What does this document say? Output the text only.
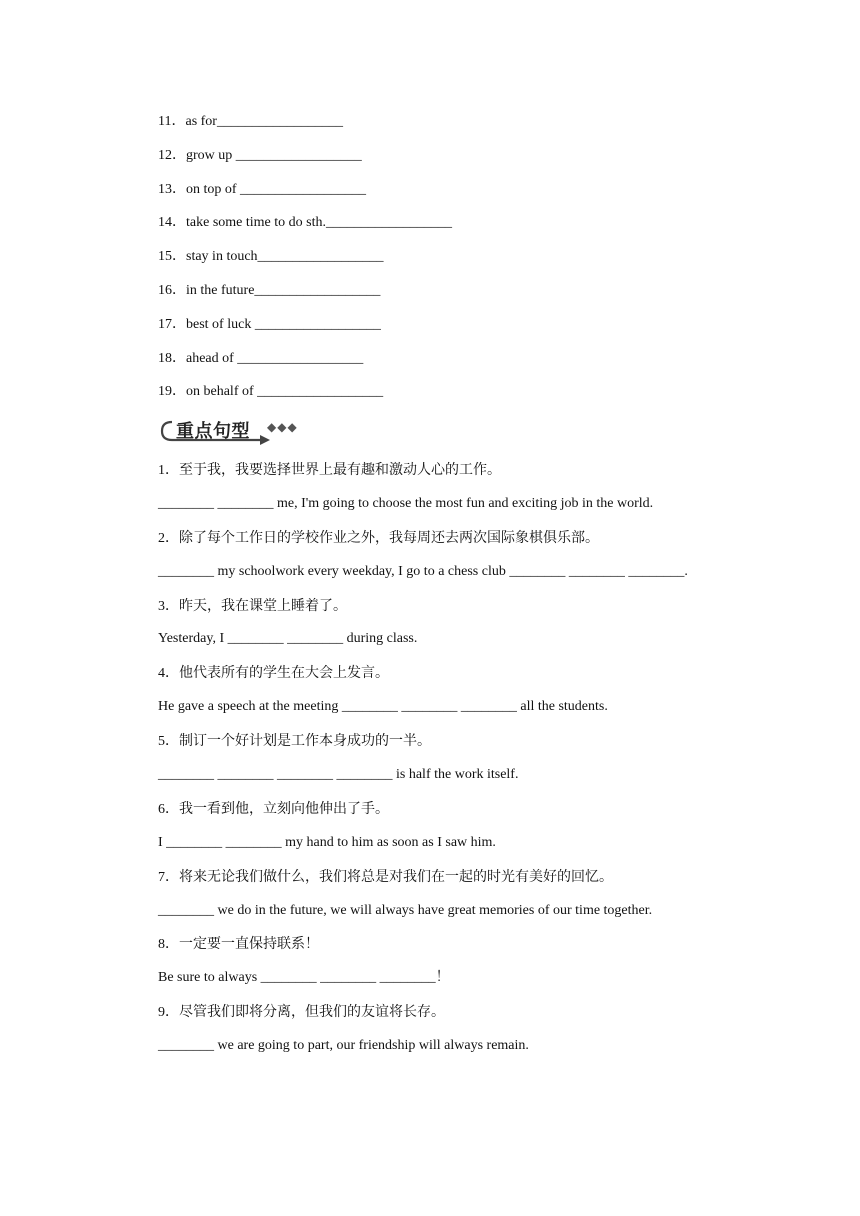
11．as for__________________
12．grow up __________________
13．on top of __________________
14．take some time to do sth.__________________
15．stay in touch__________________
16．in the future__________________
17．best of luck __________________
18．ahead of __________________
19．on behalf of __________________
重点句型 ◆◆◆
1．至于我，我要选择世界上最有趣和激动人心的工作。
________ ________ me, I'm going to choose the most fun and exciting job in the world.
2．除了每个工作日的学校作业之外，我每周还去两次国际象棋俱乐部。
________ my schoolwork every weekday, I go to a chess club ________ ________ ________.
3．昨天，我在课堂上睡着了。
Yesterday, I ________ ________ during class.
4．他代表所有的学生在大会上发言。
He gave a speech at the meeting ________ ________ ________ all the students.
5．制订一个好计划是工作本身成功的一半。
________ ________ ________ ________ is half the work itself.
6．我一看到他，立刻向他伸出了手。
I ________ ________ my hand to him as soon as I saw him.
7．将来无论我们做什么，我们将总是对我们在一起的时光有美好的回忆。
________ we do in the future, we will always have great memories of our time together.
8．一定要一直保持联系！
Be sure to always ________ ________ ________！
9．尽管我们即将分离，但我们的友谊将长存。
________ we are going to part, our friendship will always remain.
